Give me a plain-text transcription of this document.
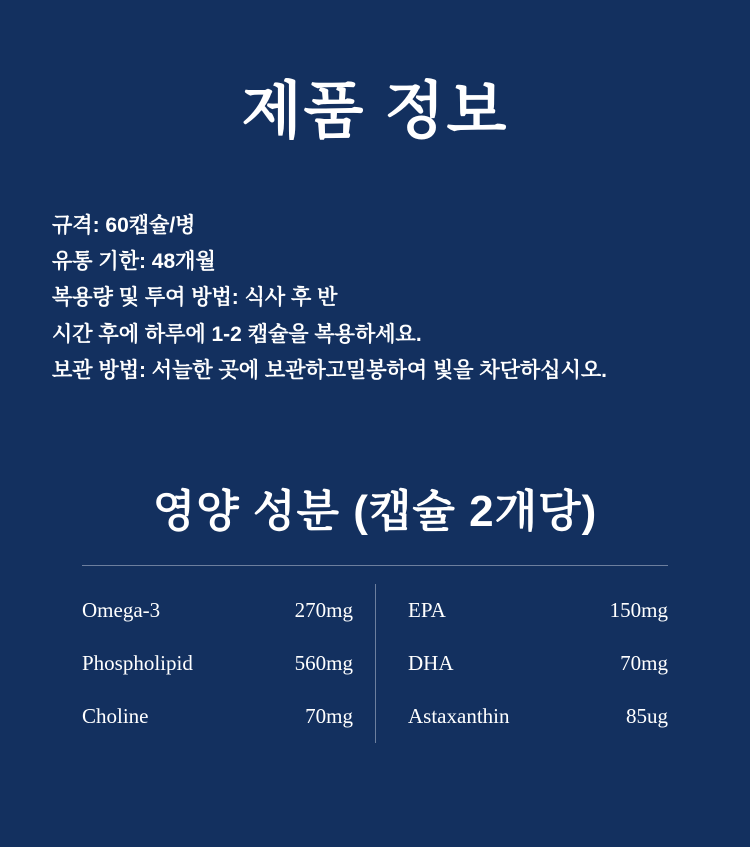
제품 정보
규격: 60캡슐/병
유통 기한: 48개월
복용량 및 투여 방법: 식사 후 반
시간 후에 하루에 1-2 캡슐을 복용하세요.
보관 방법: 서늘한 곳에 보관하고밀봉하여 빛을 차단하십시오.
영양 성분 (캡슐 2개당)
Omega-3	270mg
Phospholipid	560mg
Choline	70mg
EPA	150mg
DHA	70mg
Astaxanthin	85ug
